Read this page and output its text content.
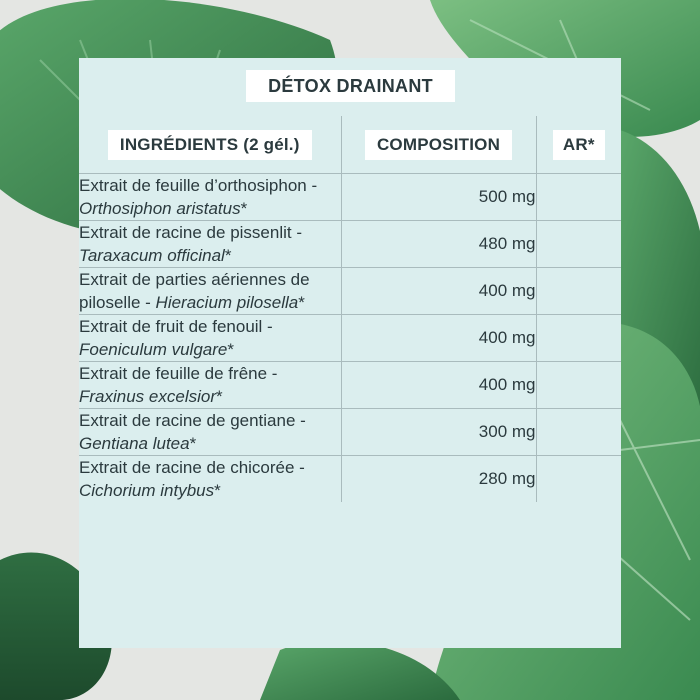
DÉTOX DRAINANT
INGRÉDIENTS (2 gél.)	COMPOSITION	AR*
Extrait de feuille d’orthosiphon - Orthosiphon aristatus*	500 mg	
Extrait de racine de pissenlit - Taraxacum officinal*	480 mg	
Extrait de parties aériennes de piloselle - Hieracium pilosella*	400 mg	
Extrait de fruit de fenouil - Foeniculum vulgare*	400 mg	
Extrait de feuille de frêne - Fraxinus excelsior*	400 mg	
Extrait de racine de gentiane - Gentiana lutea*	300 mg	
Extrait de racine de chicorée - Cichorium intybus*	280 mg	
